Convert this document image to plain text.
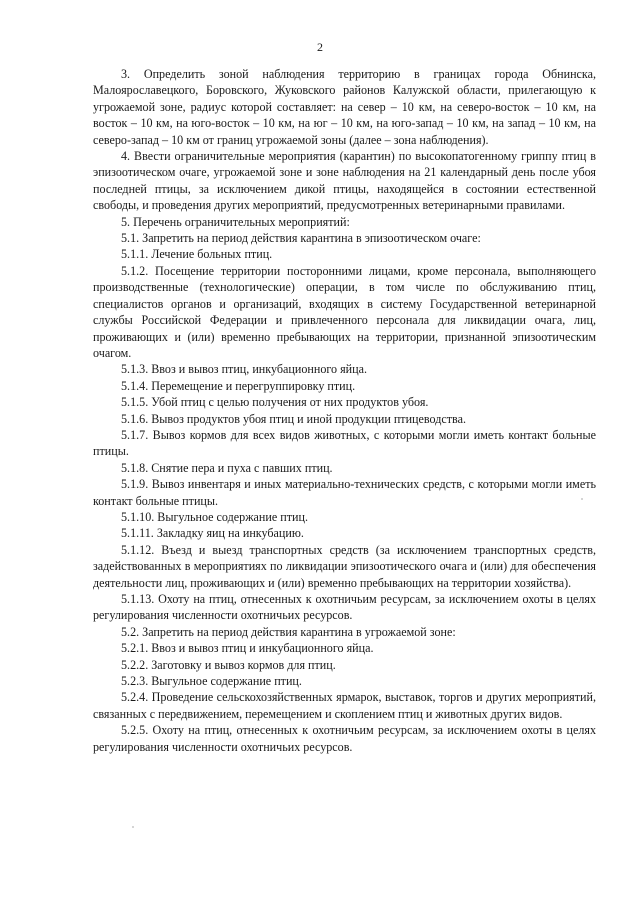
2

3. Определить зоной наблюдения территорию в границах города Обнинска, Малоярославецкого, Боровского, Жуковского районов Калужской области, прилегающую к угрожаемой зоне, радиус которой составляет: на север – 10 км, на северо-восток – 10 км, на восток – 10 км, на юго-восток – 10 км, на юг – 10 км, на юго-запад – 10 км, на запад – 10 км, на северо-запад – 10 км от границ угрожаемой зоны (далее – зона наблюдения).

4. Ввести ограничительные мероприятия (карантин) по высокопатогенному гриппу птиц в эпизоотическом очаге, угрожаемой зоне и зоне наблюдения на 21 календарный день после убоя последней птицы, за исключением дикой птицы, находящейся в состоянии естественной свободы, и проведения других мероприятий, предусмотренных ветеринарными правилами.

5. Перечень ограничительных мероприятий:

5.1. Запретить на период действия карантина в эпизоотическом очаге:

5.1.1. Лечение больных птиц.

5.1.2. Посещение территории посторонними лицами, кроме персонала, выполняющего производственные (технологические) операции, в том числе по обслуживанию птиц, специалистов органов и организаций, входящих в систему Государственной ветеринарной службы Российской Федерации и привлеченного персонала для ликвидации очага, лиц, проживающих и (или) временно пребывающих на территории, признанной эпизоотическим очагом.

5.1.3. Ввоз и вывоз птиц, инкубационного яйца.

5.1.4. Перемещение и перегруппировку птиц.

5.1.5. Убой птиц с целью получения от них продуктов убоя.

5.1.6. Вывоз продуктов убоя птиц и иной продукции птицеводства.

5.1.7. Вывоз кормов для всех видов животных, с которыми могли иметь контакт больные птицы.

5.1.8. Снятие пера и пуха с павших птиц.

5.1.9. Вывоз инвентаря и иных материально-технических средств, с которыми могли иметь контакт больные птицы.

5.1.10. Выгульное содержание птиц.

5.1.11. Закладку яиц на инкубацию.

5.1.12. Въезд и выезд транспортных средств (за исключением транспортных средств, задействованных в мероприятиях по ликвидации эпизоотического очага и (или) для обеспечения деятельности лиц, проживающих и (или) временно пребывающих на территории хозяйства).

5.1.13. Охоту на птиц, отнесенных к охотничьим ресурсам, за исключением охоты в целях регулирования численности охотничьих ресурсов.

5.2. Запретить на период действия карантина в угрожаемой зоне:

5.2.1. Ввоз и вывоз птиц и инкубационного яйца.

5.2.2. Заготовку и вывоз кормов для птиц.

5.2.3. Выгульное содержание птиц.

5.2.4. Проведение сельскохозяйственных ярмарок, выставок, торгов и других мероприятий, связанных с передвижением, перемещением и скоплением птиц и животных других видов.

5.2.5. Охоту на птиц, отнесенных к охотничьим ресурсам, за исключением охоты в целях регулирования численности охотничьих ресурсов.
